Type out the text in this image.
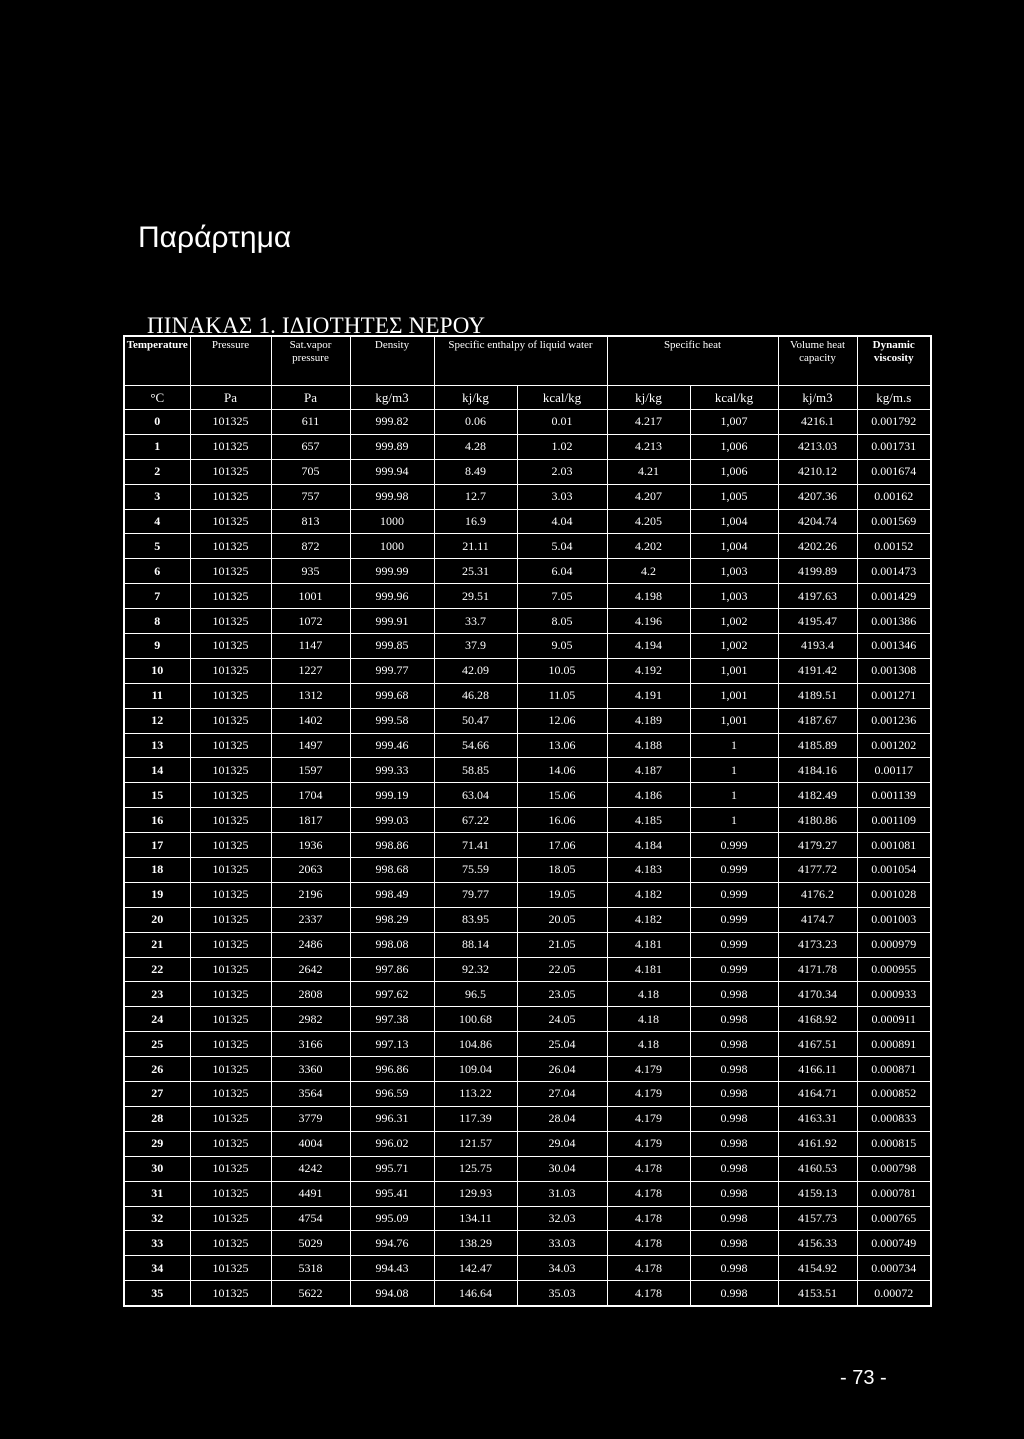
Παράρτημα
ΠΙΝΑΚΑΣ 1. ΙΔΙΟΤΗΤΕΣ ΝΕΡΟΥ
Temperature	Pressure	Sat.vapor pressure	Density	Specific enthalpy of liquid water		Specific heat		Volume heat capacity	Dynamic viscosity
°C	Pa	Pa	kg/m3	kj/kg	kcal/kg	kj/kg	kcal/kg	kj/m3	kg/m.s
0	101325	611	999.82	0.06	0.01	4.217	1,007	4216.1	0.001792
1	101325	657	999.89	4.28	1.02	4.213	1,006	4213.03	0.001731
2	101325	705	999.94	8.49	2.03	4.21	1,006	4210.12	0.001674
3	101325	757	999.98	12.7	3.03	4.207	1,005	4207.36	0.00162
4	101325	813	1000	16.9	4.04	4.205	1,004	4204.74	0.001569
5	101325	872	1000	21.11	5.04	4.202	1,004	4202.26	0.00152
6	101325	935	999.99	25.31	6.04	4.2	1,003	4199.89	0.001473
7	101325	1001	999.96	29.51	7.05	4.198	1,003	4197.63	0.001429
8	101325	1072	999.91	33.7	8.05	4.196	1,002	4195.47	0.001386
9	101325	1147	999.85	37.9	9.05	4.194	1,002	4193.4	0.001346
10	101325	1227	999.77	42.09	10.05	4.192	1,001	4191.42	0.001308
11	101325	1312	999.68	46.28	11.05	4.191	1,001	4189.51	0.001271
12	101325	1402	999.58	50.47	12.06	4.189	1,001	4187.67	0.001236
13	101325	1497	999.46	54.66	13.06	4.188	1	4185.89	0.001202
14	101325	1597	999.33	58.85	14.06	4.187	1	4184.16	0.00117
15	101325	1704	999.19	63.04	15.06	4.186	1	4182.49	0.001139
16	101325	1817	999.03	67.22	16.06	4.185	1	4180.86	0.001109
17	101325	1936	998.86	71.41	17.06	4.184	0.999	4179.27	0.001081
18	101325	2063	998.68	75.59	18.05	4.183	0.999	4177.72	0.001054
19	101325	2196	998.49	79.77	19.05	4.182	0.999	4176.2	0.001028
20	101325	2337	998.29	83.95	20.05	4.182	0.999	4174.7	0.001003
21	101325	2486	998.08	88.14	21.05	4.181	0.999	4173.23	0.000979
22	101325	2642	997.86	92.32	22.05	4.181	0.999	4171.78	0.000955
23	101325	2808	997.62	96.5	23.05	4.18	0.998	4170.34	0.000933
24	101325	2982	997.38	100.68	24.05	4.18	0.998	4168.92	0.000911
25	101325	3166	997.13	104.86	25.04	4.18	0.998	4167.51	0.000891
26	101325	3360	996.86	109.04	26.04	4.179	0.998	4166.11	0.000871
27	101325	3564	996.59	113.22	27.04	4.179	0.998	4164.71	0.000852
28	101325	3779	996.31	117.39	28.04	4.179	0.998	4163.31	0.000833
29	101325	4004	996.02	121.57	29.04	4.179	0.998	4161.92	0.000815
30	101325	4242	995.71	125.75	30.04	4.178	0.998	4160.53	0.000798
31	101325	4491	995.41	129.93	31.03	4.178	0.998	4159.13	0.000781
32	101325	4754	995.09	134.11	32.03	4.178	0.998	4157.73	0.000765
33	101325	5029	994.76	138.29	33.03	4.178	0.998	4156.33	0.000749
34	101325	5318	994.43	142.47	34.03	4.178	0.998	4154.92	0.000734
35	101325	5622	994.08	146.64	35.03	4.178	0.998	4153.51	0.00072
- 73 -
